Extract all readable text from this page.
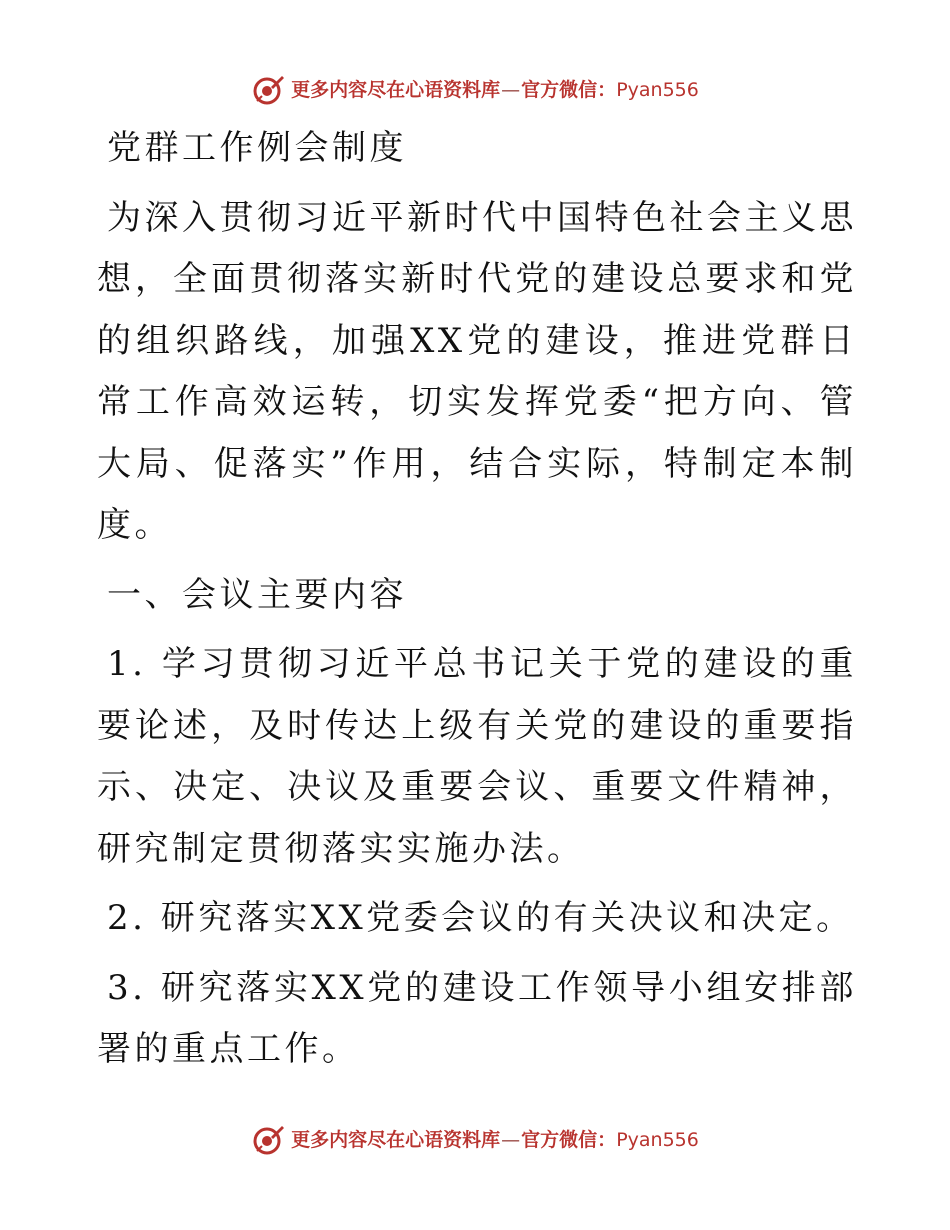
更多内容尽在心语资料库 — 官方微信： Pyan556

党群工作例会制度

为深入贯彻习近平新时代中国特色社会主义思想，全面贯彻落实新时代党的建设总要求和党的组织路线，加强XX党的建设，推进党群日常工作高效运转，切实发挥党委“把方向、管大局、促落实”作用，结合实际，特制定本制度。

一、会议主要内容

1. 学习贯彻习近平总书记关于党的建设的重要论述，及时传达上级有关党的建设的重要指示、决定、决议及重要会议、重要文件精神，研究制定贯彻落实实施办法。

2. 研究落实XX党委会议的有关决议和决定。

3. 研究落实XX党的建设工作领导小组安排部署的重点工作。

更多内容尽在心语资料库 — 官方微信： Pyan556
